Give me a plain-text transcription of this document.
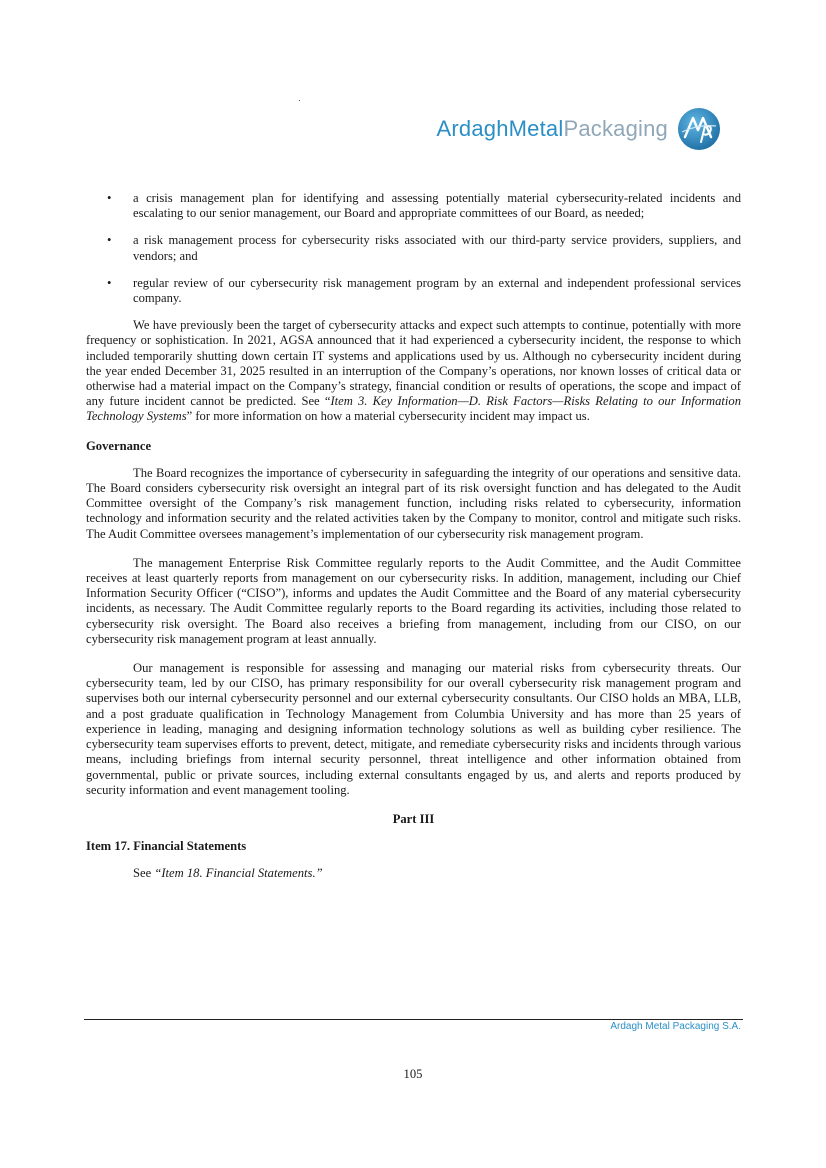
ArdaghMetalPackaging
• a crisis management plan for identifying and assessing potentially material cybersecurity-related incidents and escalating to our senior management, our Board and appropriate committees of our Board, as needed;
• a risk management process for cybersecurity risks associated with our third-party service providers, suppliers, and vendors; and
• regular review of our cybersecurity risk management program by an external and independent professional services company.

We have previously been the target of cybersecurity attacks and expect such attempts to continue, potentially with more frequency or sophistication. In 2021, AGSA announced that it had experienced a cybersecurity incident, the response to which included temporarily shutting down certain IT systems and applications used by us. Although no cybersecurity incident during the year ended December 31, 2025 resulted in an interruption of the Company’s operations, nor known losses of critical data or otherwise had a material impact on the Company’s strategy, financial condition or results of operations, the scope and impact of any future incident cannot be predicted. See “Item 3. Key Information—D. Risk Factors—Risks Relating to our Information Technology Systems” for more information on how a material cybersecurity incident may impact us.

Governance

The Board recognizes the importance of cybersecurity in safeguarding the integrity of our operations and sensitive data. The Board considers cybersecurity risk oversight an integral part of its risk oversight function and has delegated to the Audit Committee oversight of the Company’s risk management function, including risks related to cybersecurity, information technology and information security and the related activities taken by the Company to monitor, control and mitigate such risks. The Audit Committee oversees management’s implementation of our cybersecurity risk management program.

The management Enterprise Risk Committee regularly reports to the Audit Committee, and the Audit Committee receives at least quarterly reports from management on our cybersecurity risks. In addition, management, including our Chief Information Security Officer (“CISO”), informs and updates the Audit Committee and the Board of any material cybersecurity incidents, as necessary. The Audit Committee regularly reports to the Board regarding its activities, including those related to cybersecurity risk oversight. The Board also receives a briefing from management, including from our CISO, on our cybersecurity risk management program at least annually.

Our management is responsible for assessing and managing our material risks from cybersecurity threats. Our cybersecurity team, led by our CISO, has primary responsibility for our overall cybersecurity risk management program and supervises both our internal cybersecurity personnel and our external cybersecurity consultants. Our CISO holds an MBA, LLB, and a post graduate qualification in Technology Management from Columbia University and has more than 25 years of experience in leading, managing and designing information technology solutions as well as building cyber resilience. The cybersecurity team supervises efforts to prevent, detect, mitigate, and remediate cybersecurity risks and incidents through various means, including briefings from internal security personnel, threat intelligence and other information obtained from governmental, public or private sources, including external consultants engaged by us, and alerts and reports produced by security information and event management tooling.

Part III
Item 17. Financial Statements

See “Item 18. Financial Statements.”

Ardagh Metal Packaging S.A.
105
